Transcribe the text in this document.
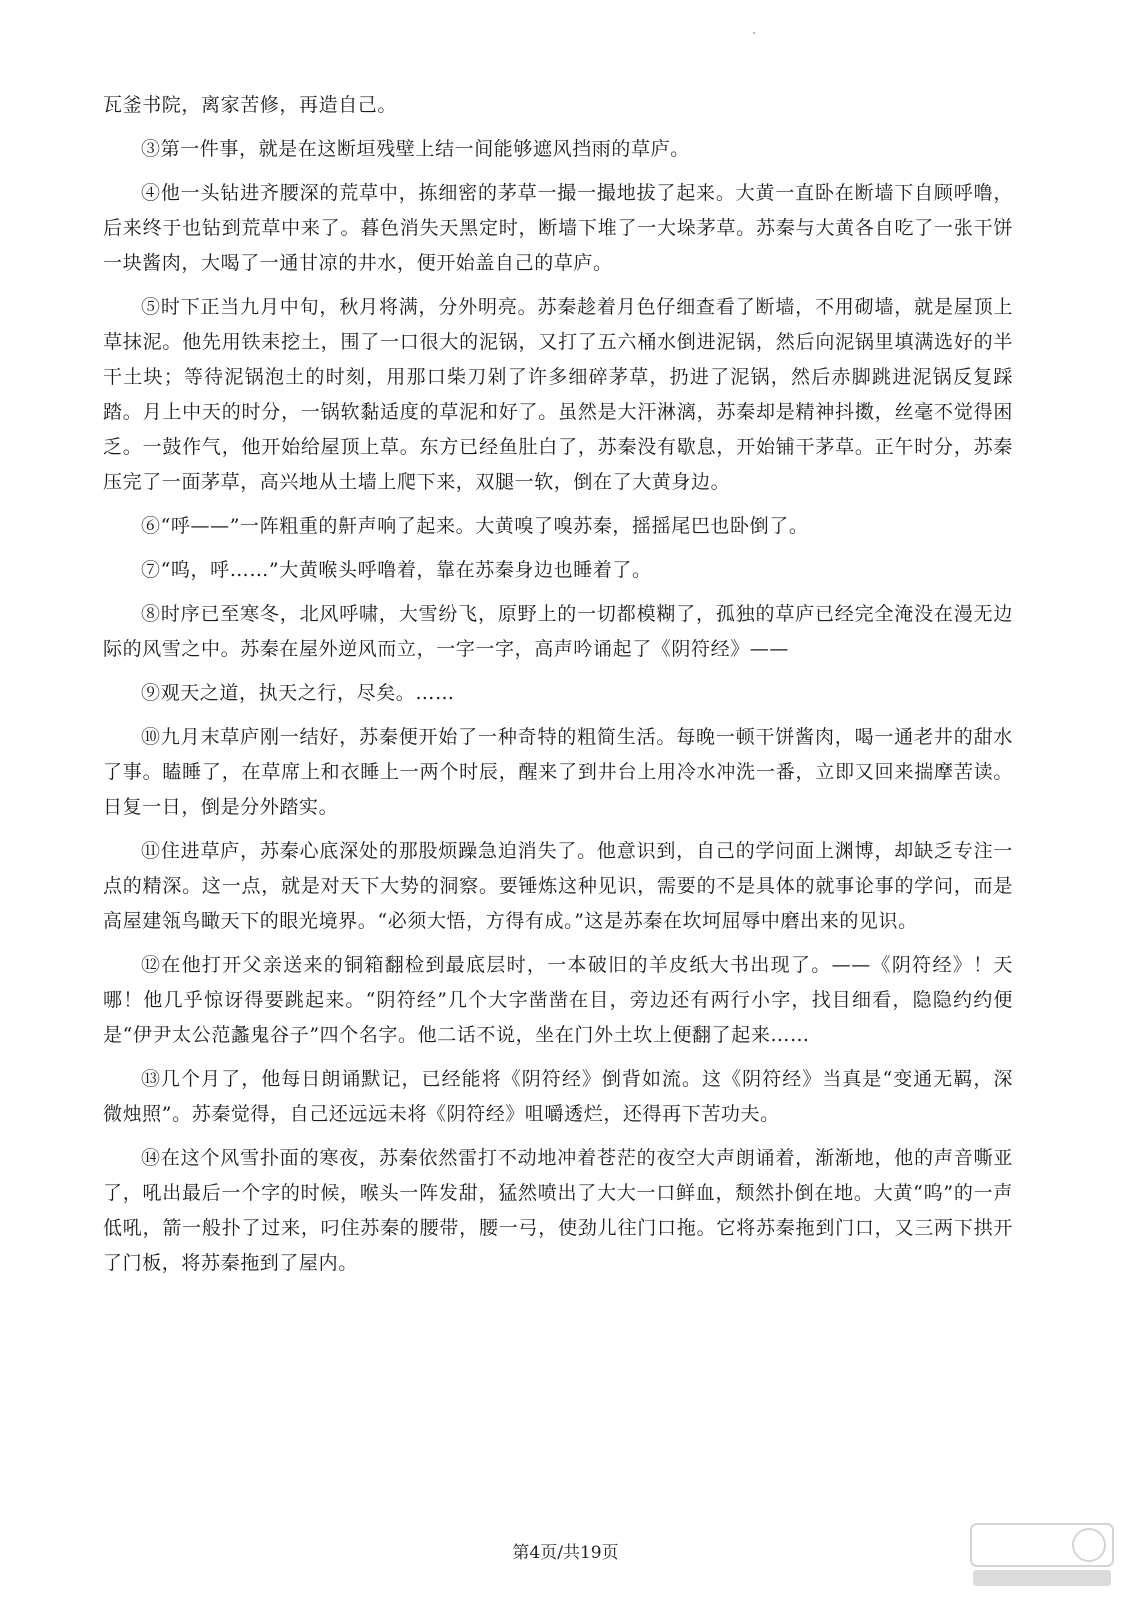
瓦釜书院，离家苦修，再造自己。

③第一件事，就是在这断垣残壁上结一间能够遮风挡雨的草庐。

④他一头钻进齐腰深的荒草中，拣细密的茅草一撮一撮地拔了起来。大黄一直卧在断墙下自顾呼噜，后来终于也钻到荒草中来了。暮色消失天黑定时，断墙下堆了一大垛茅草。苏秦与大黄各自吃了一张干饼一块酱肉，大喝了一通甘凉的井水，便开始盖自己的草庐。

⑤时下正当九月中旬，秋月将满，分外明亮。苏秦趁着月色仔细查看了断墙，不用砌墙，就是屋顶上草抹泥。他先用铁耒挖土，围了一口很大的泥锅，又打了五六桶水倒进泥锅，然后向泥锅里填满选好的半干土块；等待泥锅泡土的时刻，用那口柴刀剁了许多细碎茅草，扔进了泥锅，然后赤脚跳进泥锅反复踩踏。月上中天的时分，一锅软黏适度的草泥和好了。虽然是大汗淋漓，苏秦却是精神抖擞，丝毫不觉得困乏。一鼓作气，他开始给屋顶上草。东方已经鱼肚白了，苏秦没有歇息，开始铺干茅草。正午时分，苏秦压完了一面茅草，高兴地从土墙上爬下来，双腿一软，倒在了大黄身边。

⑥“呼——”一阵粗重的鼾声响了起来。大黄嗅了嗅苏秦，摇摇尾巴也卧倒了。

⑦“呜，呼……”大黄喉头呼噜着，靠在苏秦身边也睡着了。

⑧时序已至寒冬，北风呼啸，大雪纷飞，原野上的一切都模糊了，孤独的草庐已经完全淹没在漫无边际的风雪之中。苏秦在屋外逆风而立，一字一字，高声吟诵起了《阴符经》——

⑨观天之道，执天之行，尽矣。……

⑩九月末草庐刚一结好，苏秦便开始了一种奇特的粗简生活。每晚一顿干饼酱肉，喝一通老井的甜水了事。瞌睡了，在草席上和衣睡上一两个时辰，醒来了到井台上用冷水冲洗一番，立即又回来揣摩苦读。日复一日，倒是分外踏实。

⑪住进草庐，苏秦心底深处的那股烦躁急迫消失了。他意识到，自己的学问面上渊博，却缺乏专注一点的精深。这一点，就是对天下大势的洞察。要锤炼这种见识，需要的不是具体的就事论事的学问，而是高屋建瓴鸟瞰天下的眼光境界。“必须大悟，方得有成。”这是苏秦在坎坷屈辱中磨出来的见识。

⑫在他打开父亲送来的铜箱翻检到最底层时，一本破旧的羊皮纸大书出现了。——《阴符经》！天哪！他几乎惊讶得要跳起来。“阴符经”几个大字凿凿在目，旁边还有两行小字，找目细看，隐隐约约便是“伊尹太公范蠡鬼谷子”四个名字。他二话不说，坐在门外土坎上便翻了起来……

⑬几个月了，他每日朗诵默记，已经能将《阴符经》倒背如流。这《阴符经》当真是“变通无羁，深微烛照”。苏秦觉得，自己还远远未将《阴符经》咀嚼透烂，还得再下苦功夫。

⑭在这个风雪扑面的寒夜，苏秦依然雷打不动地冲着苍茫的夜空大声朗诵着，渐渐地，他的声音嘶亚了，吼出最后一个字的时候，喉头一阵发甜，猛然喷出了大大一口鲜血，颓然扑倒在地。大黄“呜”的一声低吼，箭一般扑了过来，叼住苏秦的腰带，腰一弓，使劲儿往门口拖。它将苏秦拖到门口，又三两下拱开了门板，将苏秦拖到了屋内。

第4页/共19页
